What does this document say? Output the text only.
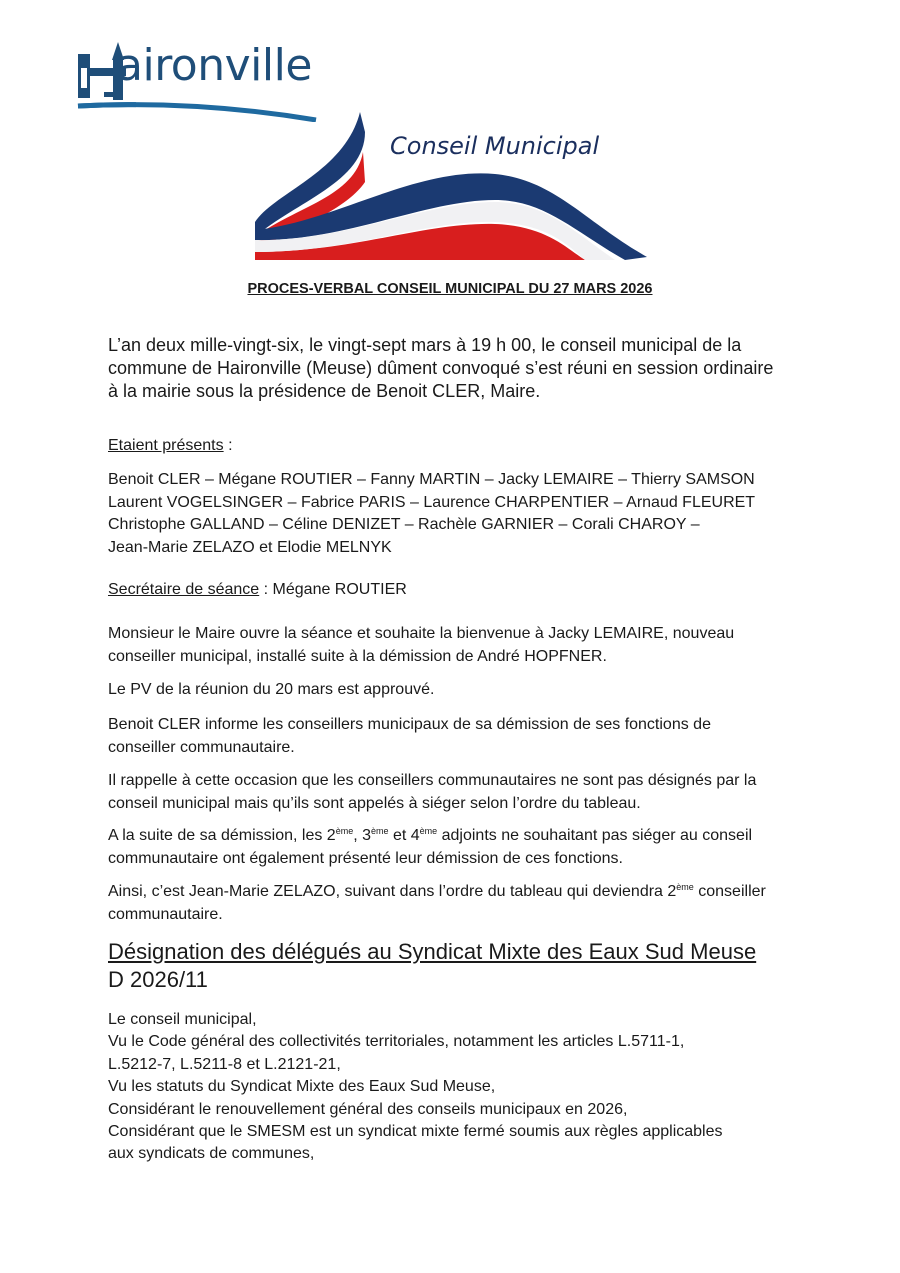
aironville
Conseil Municipal
PROCES-VERBAL CONSEIL MUNICIPAL DU 27 MARS 2026
L’an deux mille-vingt-six, le vingt-sept mars à 19 h 00, le conseil municipal de la commune de Haironville (Meuse) dûment convoqué s’est réuni en session ordinaire à la mairie sous la présidence de Benoit CLER, Maire.
Etaient présents :
Benoit CLER – Mégane ROUTIER – Fanny MARTIN – Jacky LEMAIRE – Thierry SAMSON
Laurent VOGELSINGER – Fabrice PARIS – Laurence CHARPENTIER – Arnaud FLEURET
Christophe GALLAND – Céline DENIZET – Rachèle GARNIER – Corali CHAROY –
Jean-Marie ZELAZO et Elodie MELNYK
Secrétaire de séance : Mégane ROUTIER
Monsieur le Maire ouvre la séance et souhaite la bienvenue à Jacky LEMAIRE, nouveau conseiller municipal, installé suite à la démission de André HOPFNER.
Le PV de la réunion du 20 mars est approuvé.
Benoit CLER informe les conseillers municipaux de sa démission de ses fonctions de conseiller communautaire.
Il rappelle à cette occasion que les conseillers communautaires ne sont pas désignés par la conseil municipal mais qu’ils sont appelés à siéger selon l’ordre du tableau.
A la suite de sa démission, les 2ème, 3ème et 4ème adjoints ne souhaitant pas siéger au conseil communautaire ont également présenté leur démission de ces fonctions.
Ainsi, c’est Jean-Marie ZELAZO, suivant dans l’ordre du tableau qui deviendra 2ème conseiller communautaire.
Désignation des délégués au Syndicat Mixte des Eaux Sud Meuse
D 2026/11
Le conseil municipal,
Vu le Code général des collectivités territoriales, notamment les articles L.5711-1,
L.5212-7, L.5211-8 et L.2121-21,
Vu les statuts du Syndicat Mixte des Eaux Sud Meuse,
Considérant le renouvellement général des conseils municipaux en 2026,
Considérant que le SMESM est un syndicat mixte fermé soumis aux règles applicables
aux syndicats de communes,
